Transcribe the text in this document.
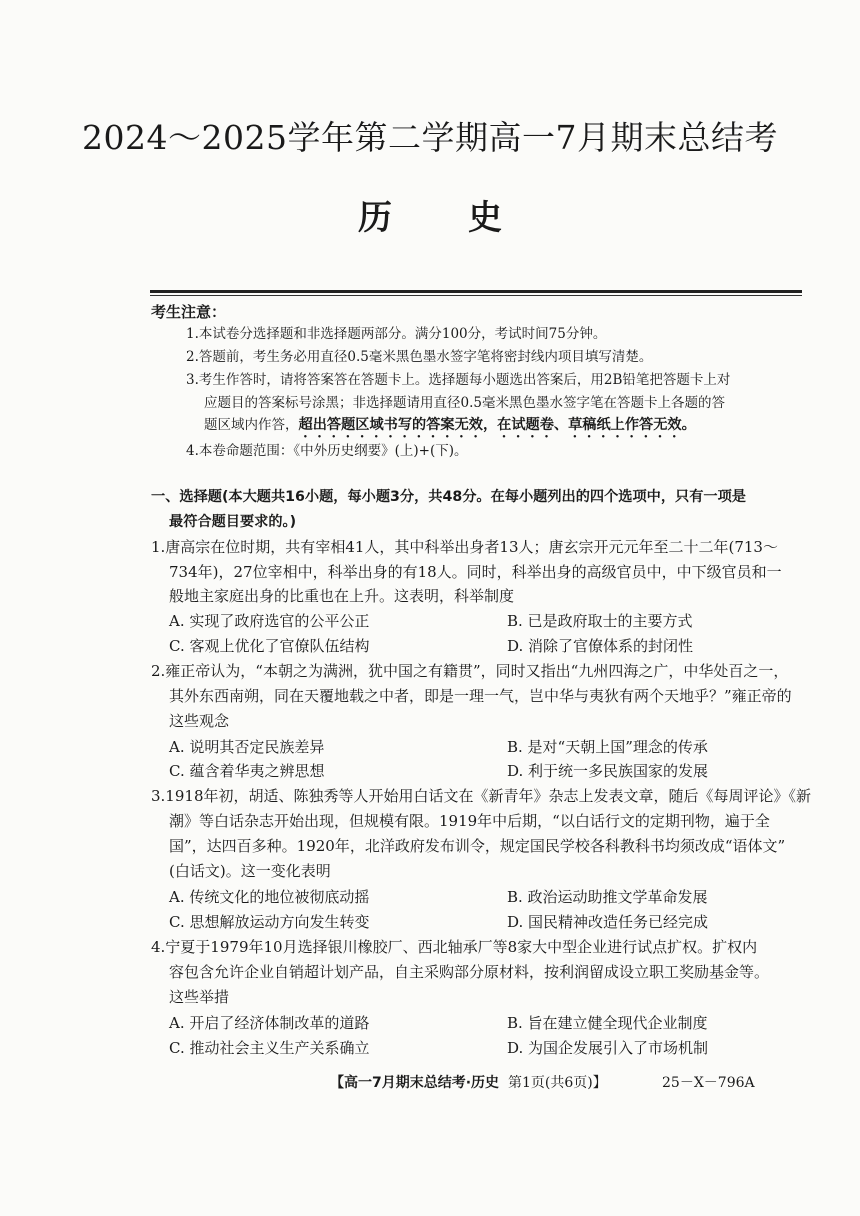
2024～2025学年第二学期高一7月期末总结考
历 史
考生注意：
1.本试卷分选择题和非选择题两部分。满分100分，考试时间75分钟。
2.答题前，考生务必用直径0.5毫米黑色墨水签字笔将密封线内项目填写清楚。
3.考生作答时，请将答案答在答题卡上。选择题每小题选出答案后，用2B铅笔把答题卡上对
应题目的答案标号涂黑；非选择题请用直径0.5毫米黑色墨水签字笔在答题卡上各题的答
题区域内作答，超出答题区域书写的答案无效，在试题卷、草稿纸上作答无效。
4.本卷命题范围：《中外历史纲要》(上)+(下)。
一、选择题(本大题共16小题，每小题3分，共48分。在每小题列出的四个选项中，只有一项是
最符合题目要求的。)
1.唐高宗在位时期，共有宰相41人，其中科举出身者13人；唐玄宗开元元年至二十二年(713～
734年)，27位宰相中，科举出身的有18人。同时，科举出身的高级官员中，中下级官员和一
般地主家庭出身的比重也在上升。这表明，科举制度
A. 实现了政府选官的公平公正	B. 已是政府取士的主要方式
C. 客观上优化了官僚队伍结构	D. 消除了官僚体系的封闭性
2.雍正帝认为，“本朝之为满洲，犹中国之有籍贯”，同时又指出“九州四海之广，中华处百之一，
其外东西南朔，同在天覆地载之中者，即是一理一气，岂中华与夷狄有两个天地乎？”雍正帝的
这些观念
A. 说明其否定民族差异	B. 是对“天朝上国”理念的传承
C. 蕴含着华夷之辨思想	D. 利于统一多民族国家的发展
3.1918年初，胡适、陈独秀等人开始用白话文在《新青年》杂志上发表文章，随后《每周评论》《新
潮》等白话杂志开始出现，但规模有限。1919年中后期，“以白话行文的定期刊物，遍于全
国”，达四百多种。1920年，北洋政府发布训令，规定国民学校各科教科书均须改成“语体文”
(白话文)。这一变化表明
A. 传统文化的地位被彻底动摇	B. 政治运动助推文学革命发展
C. 思想解放运动方向发生转变	D. 国民精神改造任务已经完成
4.宁夏于1979年10月选择银川橡胶厂、西北轴承厂等8家大中型企业进行试点扩权。扩权内
容包含允许企业自销超计划产品，自主采购部分原材料，按利润留成设立职工奖励基金等。
这些举措
A. 开启了经济体制改革的道路	B. 旨在建立健全现代企业制度
C. 推动社会主义生产关系确立	D. 为国企发展引入了市场机制
【高一7月期末总结考·历史 第1页(共6页)】	25－X－796A
